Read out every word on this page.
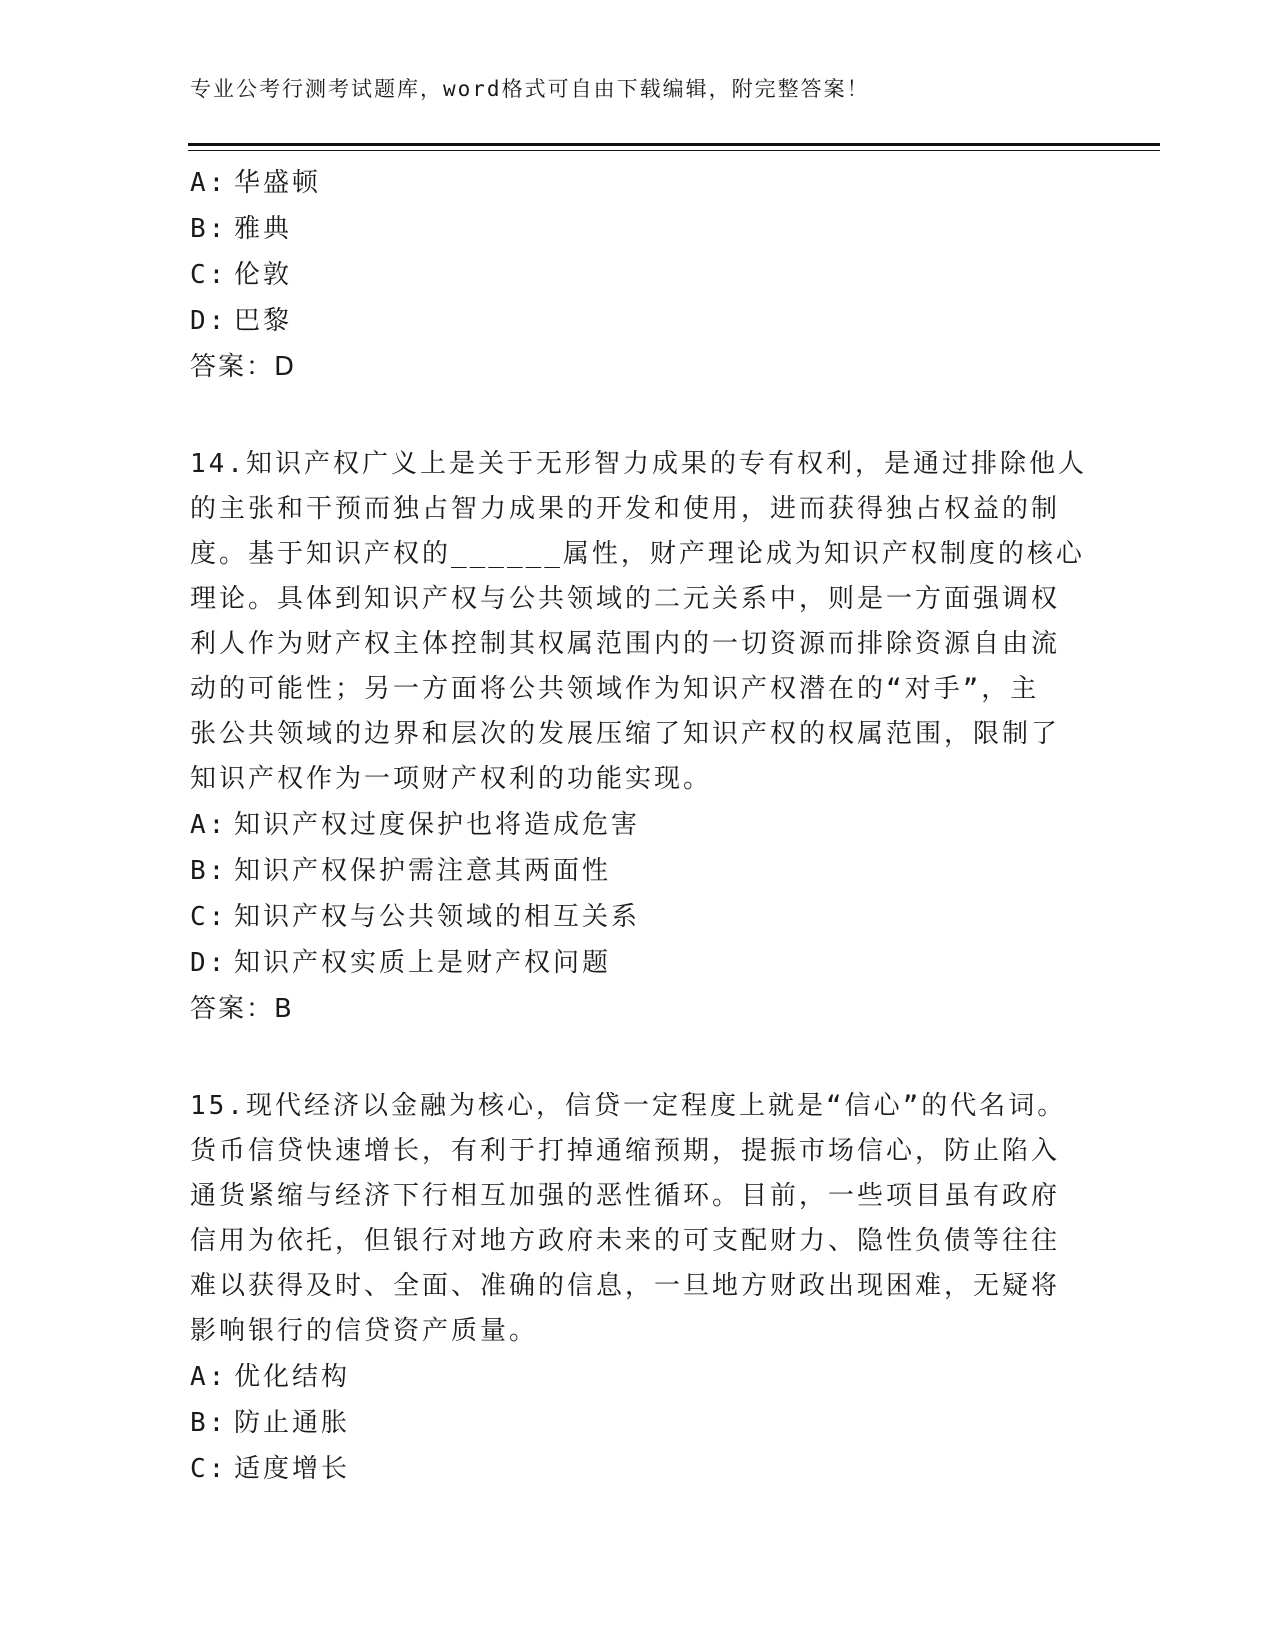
专业公考行测考试题库，word格式可自由下载编辑，附完整答案！
A: 华盛顿
B: 雅典
C: 伦敦
D: 巴黎
答案：D
14.知识产权广义上是关于无形智力成果的专有权利，是通过排除他人
的主张和干预而独占智力成果的开发和使用，进而获得独占权益的制
度。基于知识产权的______属性，财产理论成为知识产权制度的核心
理论。具体到知识产权与公共领域的二元关系中，则是一方面强调权
利人作为财产权主体控制其权属范围内的一切资源而排除资源自由流
动的可能性；另一方面将公共领域作为知识产权潜在的“对手”，主
张公共领域的边界和层次的发展压缩了知识产权的权属范围，限制了
知识产权作为一项财产权利的功能实现。
A: 知识产权过度保护也将造成危害
B: 知识产权保护需注意其两面性
C: 知识产权与公共领域的相互关系
D: 知识产权实质上是财产权问题
答案：B
15.现代经济以金融为核心，信贷一定程度上就是“信心”的代名词。
货币信贷快速增长，有利于打掉通缩预期，提振市场信心，防止陷入
通货紧缩与经济下行相互加强的恶性循环。目前，一些项目虽有政府
信用为依托，但银行对地方政府未来的可支配财力、隐性负债等往往
难以获得及时、全面、准确的信息，一旦地方财政出现困难，无疑将
影响银行的信贷资产质量。
A: 优化结构
B: 防止通胀
C: 适度增长
